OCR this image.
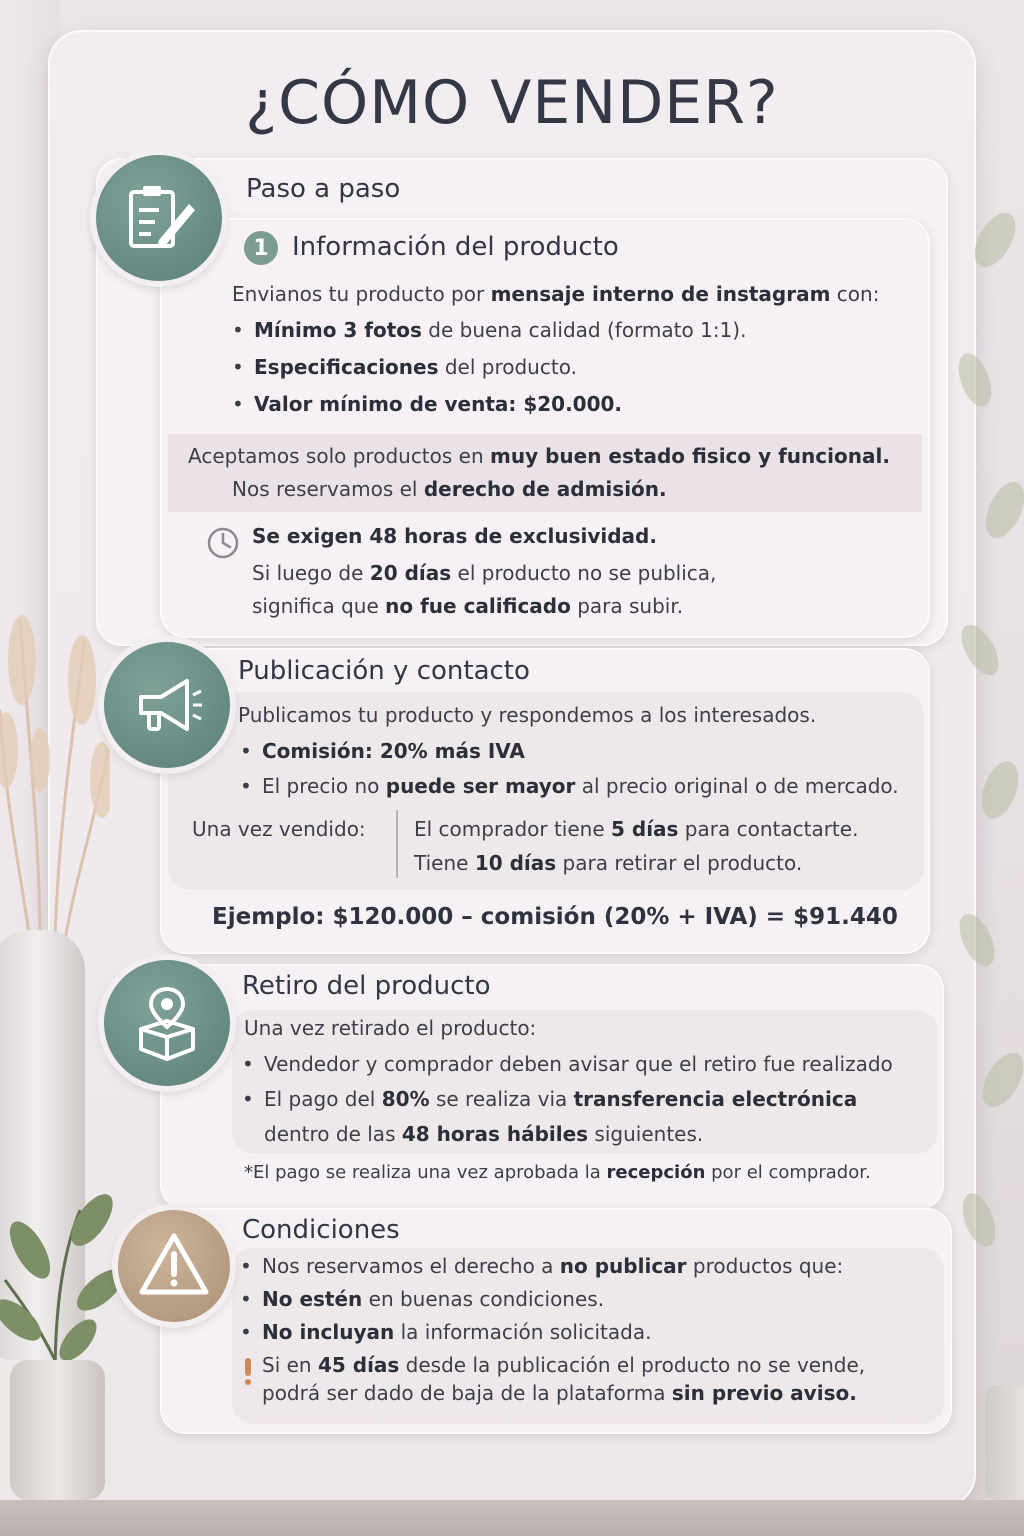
¿CÓMO VENDER?
Paso a paso
1 Información del producto
Envianos tu producto por mensaje interno de instagram con:
• Mínimo 3 fotos de buena calidad (formato 1:1).
• Especificaciones del producto.
• Valor mínimo de venta: $20.000.
Aceptamos solo productos en muy buen estado fisico y funcional.
Nos reservamos el derecho de admisión.
Se exigen 48 horas de exclusividad.
Si luego de 20 días el producto no se publica,
significa que no fue calificado para subir.
Publicación y contacto
Publicamos tu producto y respondemos a los interesados.
• Comisión: 20% más IVA
• El precio no puede ser mayor al precio original o de mercado.
Una vez vendido: El comprador tiene 5 días para contactarte.
Tiene 10 días para retirar el producto.
Ejemplo: $120.000 – comisión (20% + IVA) = $91.440
Retiro del producto
Una vez retirado el producto:
• Vendedor y comprador deben avisar que el retiro fue realizado
• El pago del 80% se realiza via transferencia electrónica
dentro de las 48 horas hábiles siguientes.
*El pago se realiza una vez aprobada la recepción por el comprador.
Condiciones
• Nos reservamos el derecho a no publicar productos que:
• No estén en buenas condiciones.
• No incluyan la información solicitada.
Si en 45 días desde la publicación el producto no se vende,
podrá ser dado de baja de la plataforma sin previo aviso.
